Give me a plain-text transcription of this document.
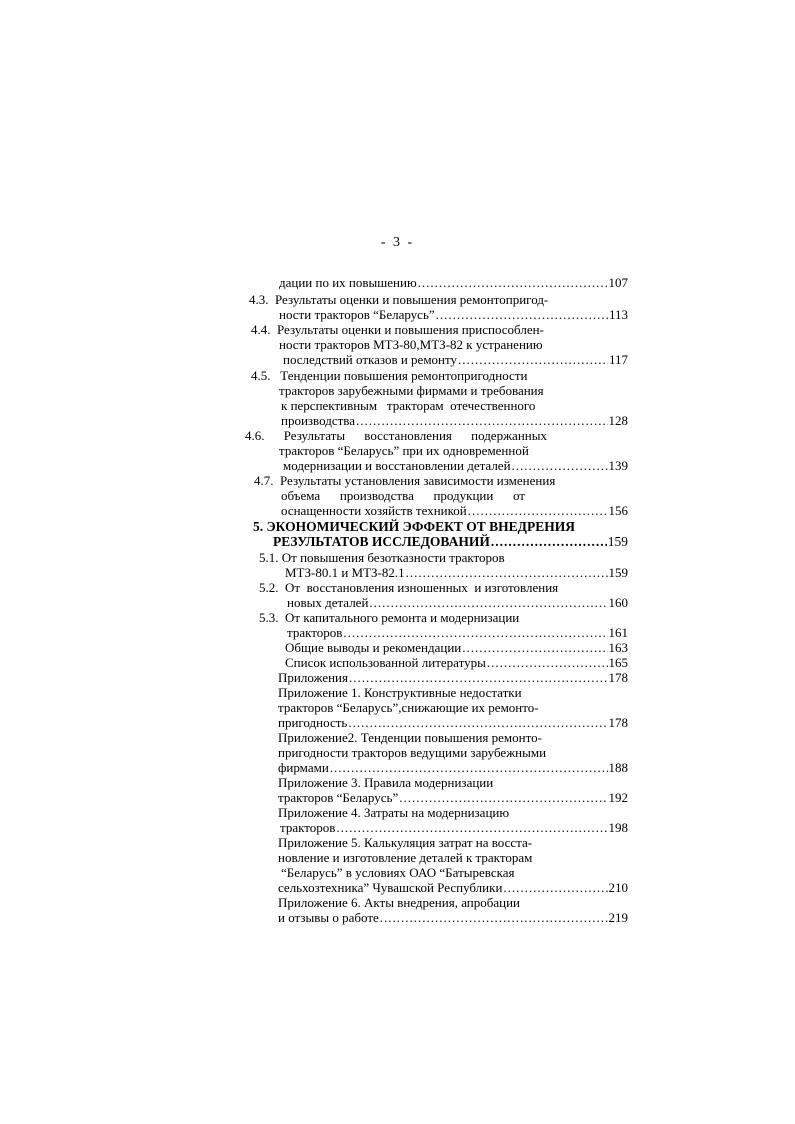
- 3 -
дации по их повышению .....	107
4.3. Результаты оценки и повышения ремонтопригод-
ности тракторов “Беларусь” .....	113
4.4. Результаты оценки и повышения приспособлен-
ности тракторов МТЗ-80,МТЗ-82 к устранению
последствий отказов и ремонту .....	117
4.5. Тенденции повышения ремонтопригодности
тракторов зарубежными фирмами и требования
к перспективным   тракторам  отечественного
производства .....	128
4.6. Результаты восстановления подержанных
тракторов “Беларусь” при их одновременной
модернизации и восстановлении деталей .....	139
4.7. Результаты установления зависимости изменения
объема производства продукции от
оснащенности хозяйств техникой .....	156
5. ЭКОНОМИЧЕСКИЙ ЭФФЕКТ ОТ ВНЕДРЕНИЯ
РЕЗУЛЬТАТОВ ИССЛЕДОВАНИЙ .....	159
5.1. От повышения безотказности тракторов
МТЗ-80.1 и МТЗ-82.1 .....	159
5.2. От  восстановления изношенных  и изготовления
новых деталей .....	160
5.3. От капитального ремонта и модернизации
тракторов .....	161
Общие выводы и рекомендации .....	163
Список использованной литературы .....	165
Приложения .....	178
Приложение 1. Конструктивные недостатки
тракторов “Беларусь”,снижающие их ремонто-
пригодность .....	178
Приложение2. Тенденции повышения ремонто-
пригодности тракторов ведущими зарубежными
фирмами .....	188
Приложение 3. Правила модернизации
тракторов “Беларусь” .....	192
Приложение 4. Затраты на модернизацию
тракторов .....	198
Приложение 5. Калькуляция затрат на восста-
новление и изготовление деталей к тракторам
“Беларусь” в условиях ОАО “Батыревская
сельхозтехника” Чувашской Республики .....	210
Приложение 6. Акты внедрения, апробации
и отзывы о работе .....	219
